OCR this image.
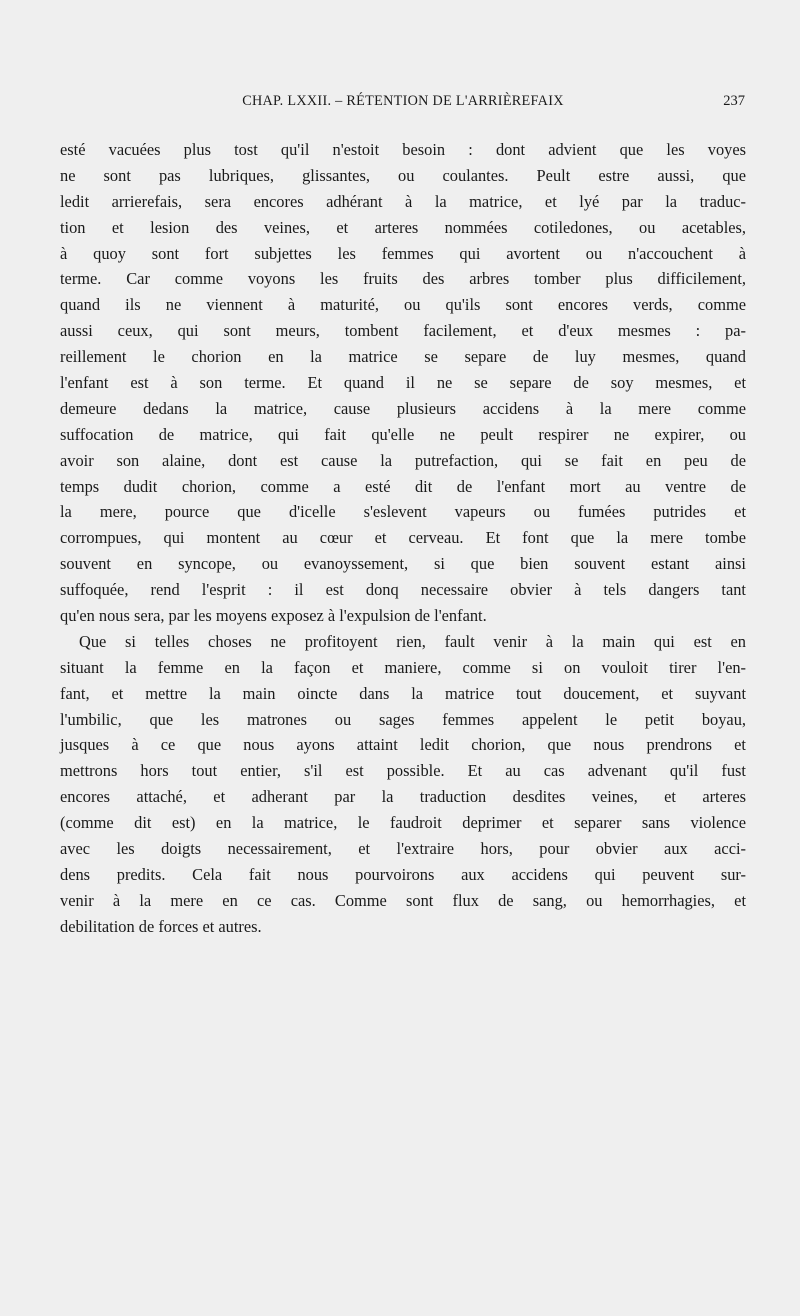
CHAP. LXXII. – RÉTENTION DE L'ARRIÈREFAIX	237
esté vacuées plus tost qu'il n'estoit besoin : dont advient que les voyes
ne sont pas lubriques, glissantes, ou coulantes. Peult estre aussi, que
ledit arrierefais, sera encores adhérant à la matrice, et lyé par la traduc-
tion et lesion des veines, et arteres nommées cotiledones, ou acetables,
à quoy sont fort subjettes les femmes qui avortent ou n'accouchent à
terme. Car comme voyons les fruits des arbres tomber plus difficilement,
quand ils ne viennent à maturité, ou qu'ils sont encores verds, comme
aussi ceux, qui sont meurs, tombent facilement, et d'eux mesmes : pa-
reillement le chorion en la matrice se separe de luy mesmes, quand
l'enfant est à son terme. Et quand il ne se separe de soy mesmes, et
demeure dedans la matrice, cause plusieurs accidens à la mere comme
suffocation de matrice, qui fait qu'elle ne peult respirer ne expirer, ou
avoir son alaine, dont est cause la putrefaction, qui se fait en peu de
temps dudit chorion, comme a esté dit de l'enfant mort au ventre de
la mere, pource que d'icelle s'eslevent vapeurs ou fumées putrides et
corrompues, qui montent au cœur et cerveau. Et font que la mere tombe
souvent en syncope, ou evanoyssement, si que bien souvent estant ainsi
suffoquée, rend l'esprit : il est donq necessaire obvier à tels dangers tant
qu'en nous sera, par les moyens exposez à l'expulsion de l'enfant.
Que si telles choses ne profitoyent rien, fault venir à la main qui est en
situant la femme en la façon et maniere, comme si on vouloit tirer l'en-
fant, et mettre la main oincte dans la matrice tout doucement, et suyvant
l'umbilic, que les matrones ou sages femmes appelent le petit boyau,
jusques à ce que nous ayons attaint ledit chorion, que nous prendrons et
mettrons hors tout entier, s'il est possible. Et au cas advenant qu'il fust
encores attaché, et adherant par la traduction desdites veines, et arteres
(comme dit est) en la matrice, le faudroit deprimer et separer sans violence
avec les doigts necessairement, et l'extraire hors, pour obvier aux acci-
dens predits. Cela fait nous pourvoirons aux accidens qui peuvent sur-
venir à la mere en ce cas. Comme sont flux de sang, ou hemorrhagies, et
debilitation de forces et autres.
